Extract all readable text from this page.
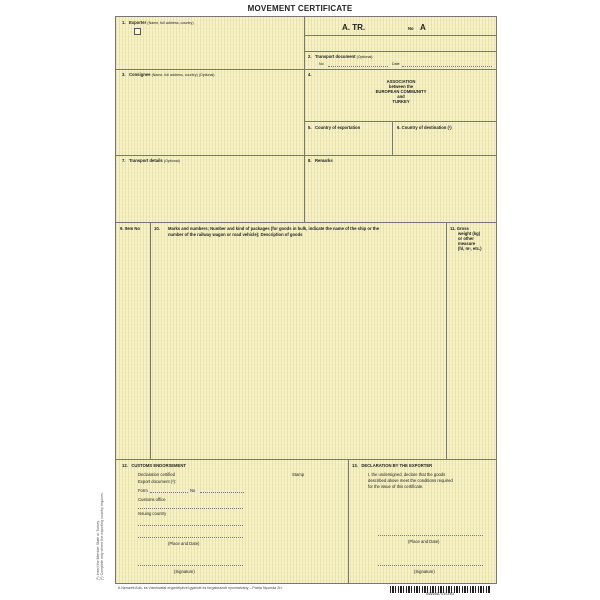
MOVEMENT CERTIFICATE
1. Exporter (Name, full address, country)	A. TR.	No A
2. Transport document (Optional)
No	Date
3. Consignee (Name, full address, country) (Optional)	4.
ASSOCIATION
between the
EUROPEAN COMMUNITY
and
TURKEY
5. Country of exportation	6. Country of destination (¹)
7. Transport details (Optional)	8. Remarks
9. Item No	10. Marks and numbers; Number and kind of packages (for goods in bulk, indicate the name of the ship or the
number of the railway wagon or road vehicle); Description of goods
11. Gross
weight (kg)
or other
measure
(hl, m³, etc.)
12. CUSTOMS ENDORSEMENT
Declaration certified	Stamp
Export document (²):
Form	No
Customs office
Issuing country
(Place and Date)
(Signature)
13. DECLARATION BY THE EXPORTER
I, the undersigned, declare that the goods
described above meet the conditions required
for the issue of this certificate.
(Place and Date)
(Signature)
(¹) Insert the Member State or Turkey. (²) Complete only where the exporting country requires.
A Nemzeti Adó- és Vámhivatal engedélyével gyártott és forgalmazott nyomtatvány – Pátria Nyomda Zrt.
5999097515403
